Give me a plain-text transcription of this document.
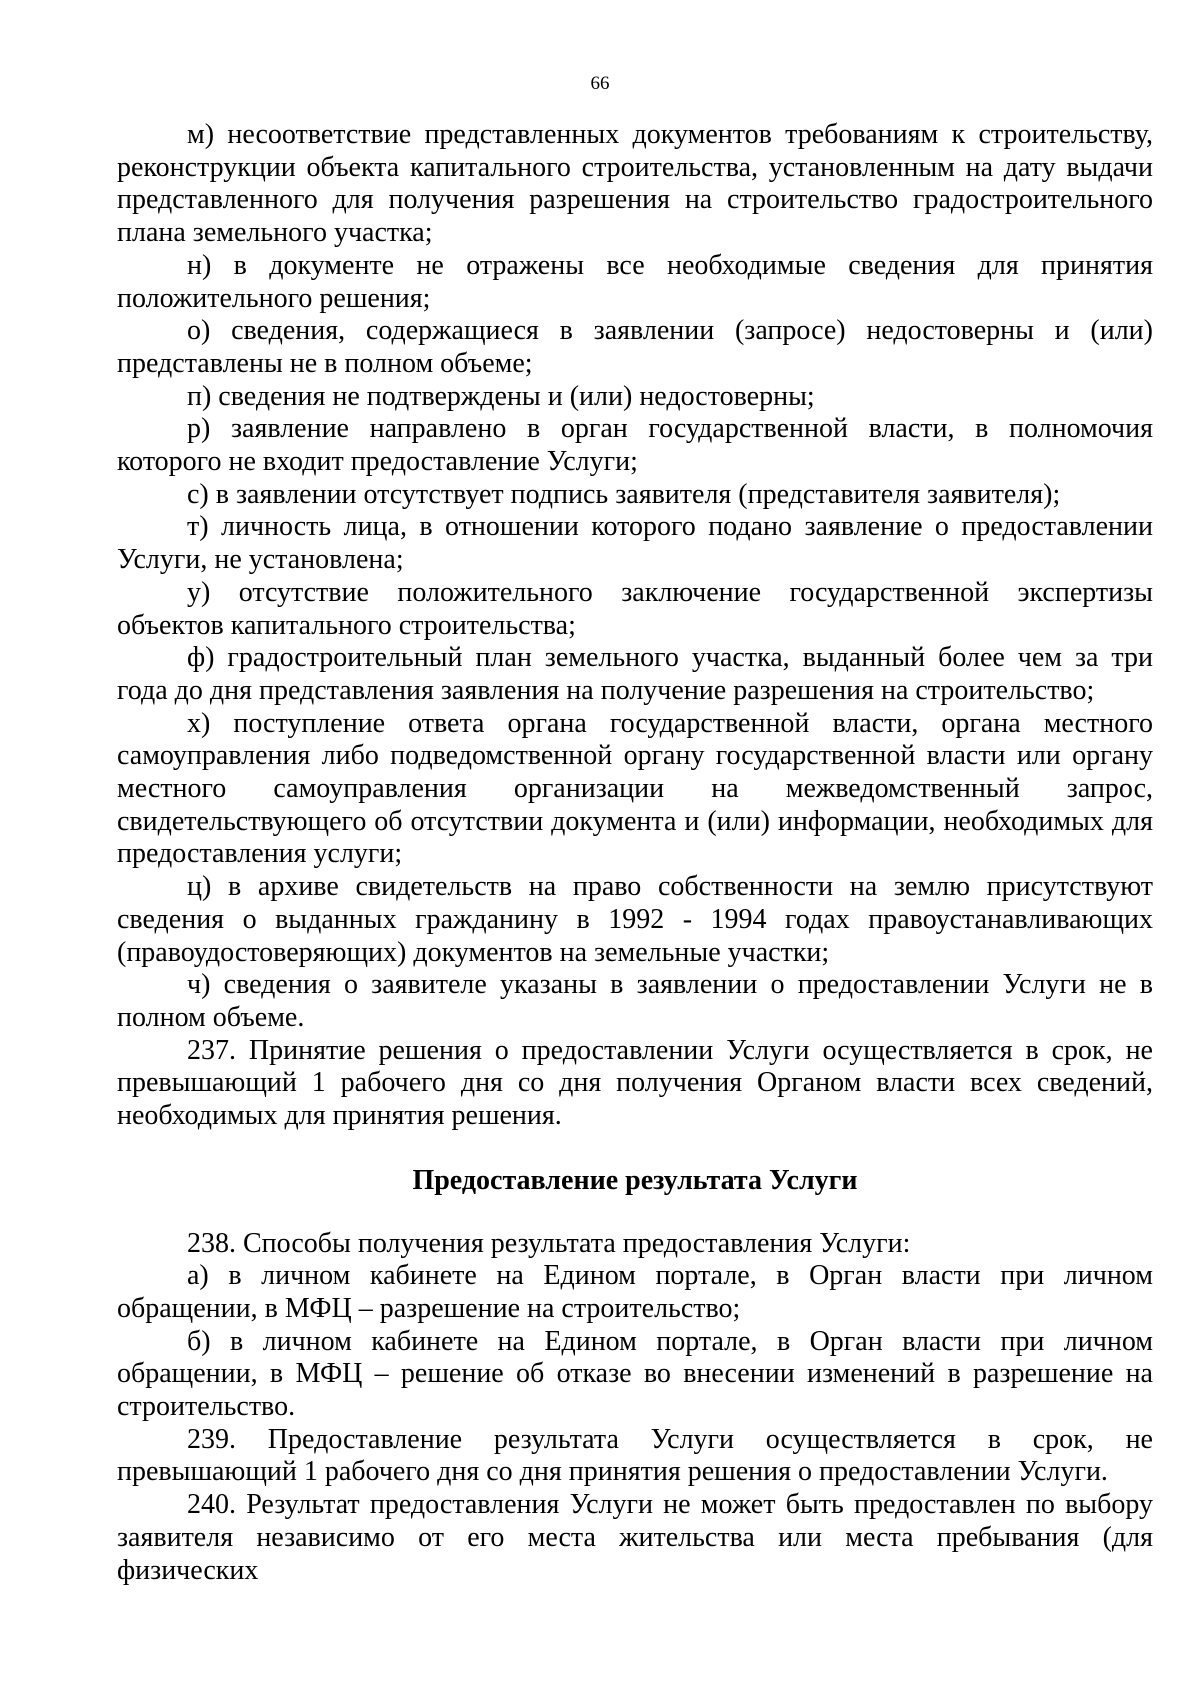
66

м) несоответствие представленных документов требованиям к строительству, реконструкции объекта капитального строительства, установленным на дату выдачи представленного для получения разрешения на строительство градостроительного плана земельного участка;

н) в документе не отражены все необходимые сведения для принятия положительного решения;

о) сведения, содержащиеся в заявлении (запросе) недостоверны и (или) представлены не в полном объеме;

п) сведения не подтверждены и (или) недостоверны;

р) заявление направлено в орган государственной власти, в полномочия которого не входит предоставление Услуги;

с) в заявлении отсутствует подпись заявителя (представителя заявителя);

т) личность лица, в отношении которого подано заявление о предоставлении Услуги, не установлена;

у) отсутствие положительного заключение государственной экспертизы объектов капитального строительства;

ф) градостроительный план земельного участка, выданный более чем за три года до дня представления заявления на получение разрешения на строительство;

х) поступление ответа органа государственной власти, органа местного самоуправления либо подведомственной органу государственной власти или органу местного самоуправления организации на межведомственный запрос, свидетельствующего об отсутствии документа и (или) информации, необходимых для предоставления услуги;

ц) в архиве свидетельств на право собственности на землю присутствуют сведения о выданных гражданину в 1992 - 1994 годах правоустанавливающих (правоудостоверяющих) документов на земельные участки;

ч) сведения о заявителе указаны в заявлении о предоставлении Услуги не в полном объеме.

237. Принятие решения о предоставлении Услуги осуществляется в срок, не превышающий 1 рабочего дня со дня получения Органом власти всех сведений, необходимых для принятия решения.

Предоставление результата Услуги

238. Способы получения результата предоставления Услуги:

а) в личном кабинете на Едином портале, в Орган власти при личном обращении, в МФЦ – разрешение на строительство;

б) в личном кабинете на Едином портале, в Орган власти при личном обращении, в МФЦ – решение об отказе во внесении изменений в разрешение на строительство.

239. Предоставление результата Услуги осуществляется в срок, не превышающий 1 рабочего дня со дня принятия решения о предоставлении Услуги.

240. Результат предоставления Услуги не может быть предоставлен по выбору заявителя независимо от его места жительства или места пребывания (для физических
